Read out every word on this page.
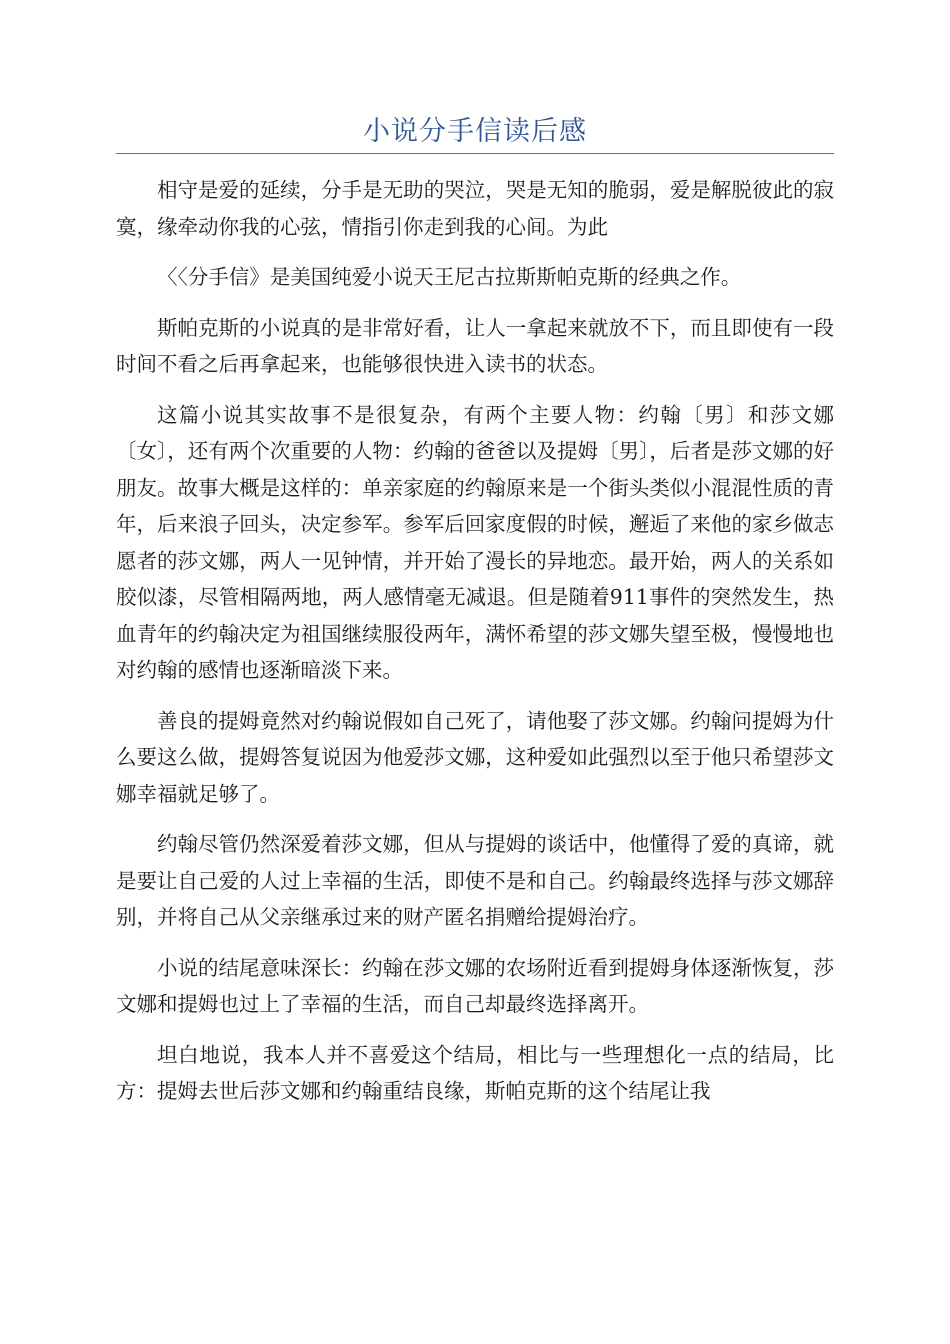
小说分手信读后感

相守是爱的延续，分手是无助的哭泣，哭是无知的脆弱，爱是解脱彼此的寂寞，缘牵动你我的心弦，情指引你走到我的心间。为此

〈〈分手信》是美国纯爱小说天王尼古拉斯斯帕克斯的经典之作。

斯帕克斯的小说真的是非常好看，让人一拿起来就放不下，而且即使有一段时间不看之后再拿起来，也能够很快进入读书的状态。

这篇小说其实故事不是很复杂，有两个主要人物：约翰〔男〕和莎文娜〔女〕，还有两个次重要的人物：约翰的爸爸以及提姆〔男〕，后者是莎文娜的好朋友。故事大概是这样的：单亲家庭的约翰原来是一个街头类似小混混性质的青年，后来浪子回头，决定参军。参军后回家度假的时候，邂逅了来他的家乡做志愿者的莎文娜，两人一见钟情，并开始了漫长的异地恋。最开始，两人的关系如胶似漆，尽管相隔两地，两人感情毫无减退。但是随着911事件的突然发生，热血青年的约翰决定为祖国继续服役两年，满怀希望的莎文娜失望至极，慢慢地也对约翰的感情也逐渐暗淡下来。

善良的提姆竟然对约翰说假如自己死了，请他娶了莎文娜。约翰问提姆为什么要这么做，提姆答复说因为他爱莎文娜，这种爱如此强烈以至于他只希望莎文娜幸福就足够了。

约翰尽管仍然深爱着莎文娜，但从与提姆的谈话中，他懂得了爱的真谛，就是要让自己爱的人过上幸福的生活，即使不是和自己。约翰最终选择与莎文娜辞别，并将自己从父亲继承过来的财产匿名捐赠给提姆治疗。

小说的结尾意味深长：约翰在莎文娜的农场附近看到提姆身体逐渐恢复，莎文娜和提姆也过上了幸福的生活，而自己却最终选择离开。

坦白地说，我本人并不喜爱这个结局，相比与一些理想化一点的结局，比方：提姆去世后莎文娜和约翰重结良缘，斯帕克斯的这个结尾让我
